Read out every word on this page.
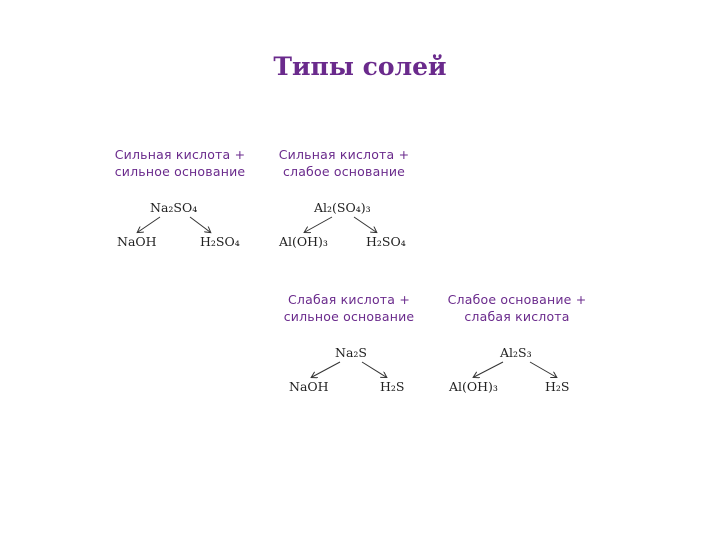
Типы солей
Сильная кислота +
сильное основание
Na₂SO₄
NaOH	H₂SO₄
Сильная кислота +
слабое основание
Al₂(SO₄)₃
Al(OH)₃	H₂SO₄
Слабая кислота +
сильное основание
Na₂S
NaOH	H₂S
Слабое основание +
слабая кислота
Al₂S₃
Al(OH)₃	H₂S
